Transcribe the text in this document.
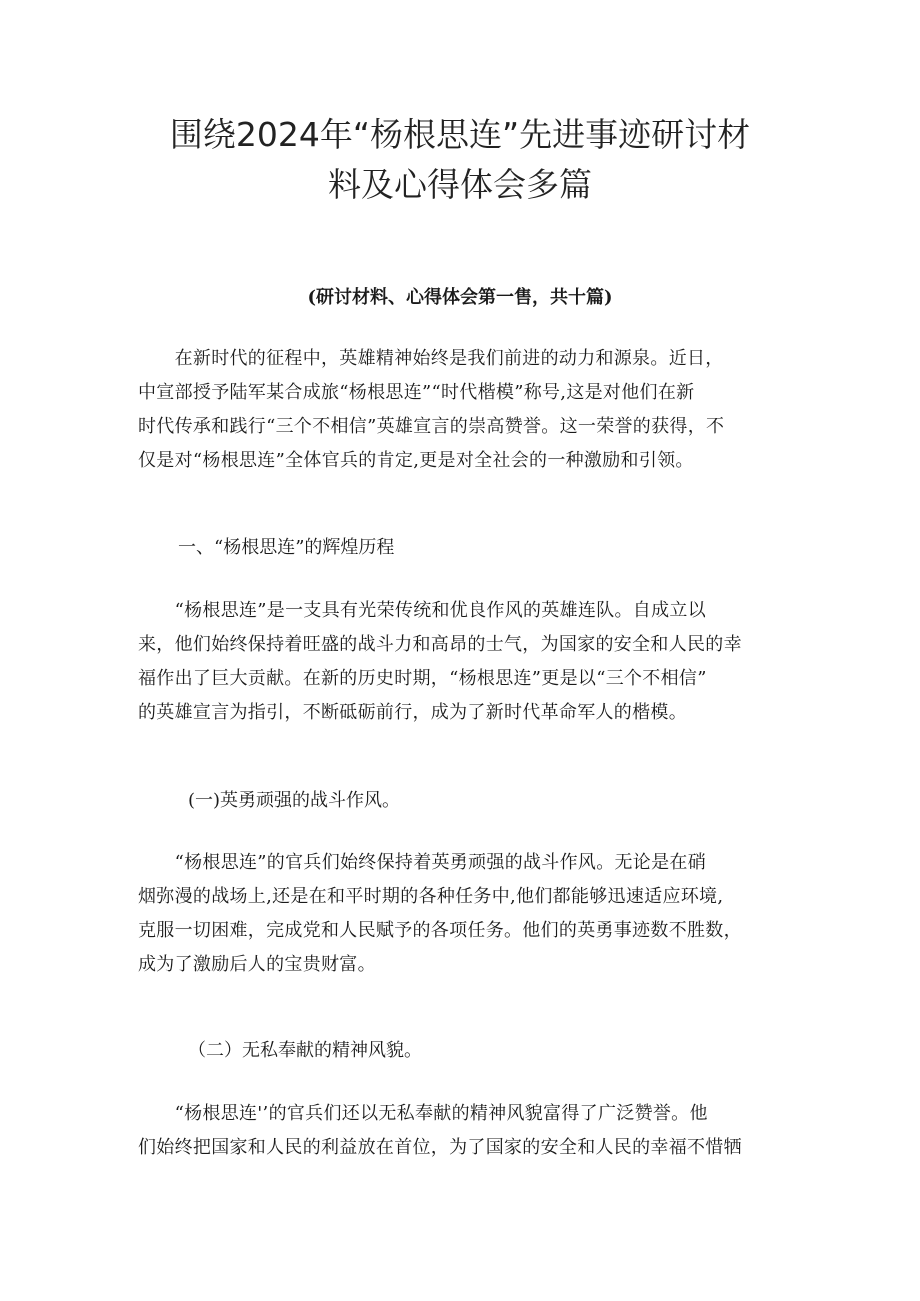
围绕2024年“杨根思连”先进事迹研讨材
料及心得体会多篇

(研讨材料、心得体会第一售，共十篇)

　　在新时代的征程中，英雄精神始终是我们前进的动力和源泉。近日，
中宣部授予陆军某合成旅“杨根思连”“时代楷模”称号,这是对他们在新
时代传承和践行“三个不相信”英雄宣言的崇高赞誉。这一荣誉的获得，不
仅是对“杨根思连”全体官兵的肯定,更是对全社会的一种激励和引领。

一、“杨根思连”的辉煌历程

　　“杨根思连”是一支具有光荣传统和优良作风的英雄连队。自成立以
来，他们始终保持着旺盛的战斗力和高昂的士气，为国家的安全和人民的幸
福作出了巨大贡献。在新的历史时期，“杨根思连”更是以“三个不相信”
的英雄宣言为指引，不断砥砺前行，成为了新时代革命军人的楷模。

(一)英勇顽强的战斗作风。

　　“杨根思连”的官兵们始终保持着英勇顽强的战斗作风。无论是在硝
烟弥漫的战场上,还是在和平时期的各种任务中,他们都能够迅速适应环境,
克服一切困难，完成党和人民赋予的各项任务。他们的英勇事迹数不胜数，
成为了激励后人的宝贵财富。

（二）无私奉献的精神风貌。

　　“杨根思连'’的官兵们还以无私奉献的精神风貌富得了广泛赞誉。他
们始终把国家和人民的利益放在首位，为了国家的安全和人民的幸福不惜牺
